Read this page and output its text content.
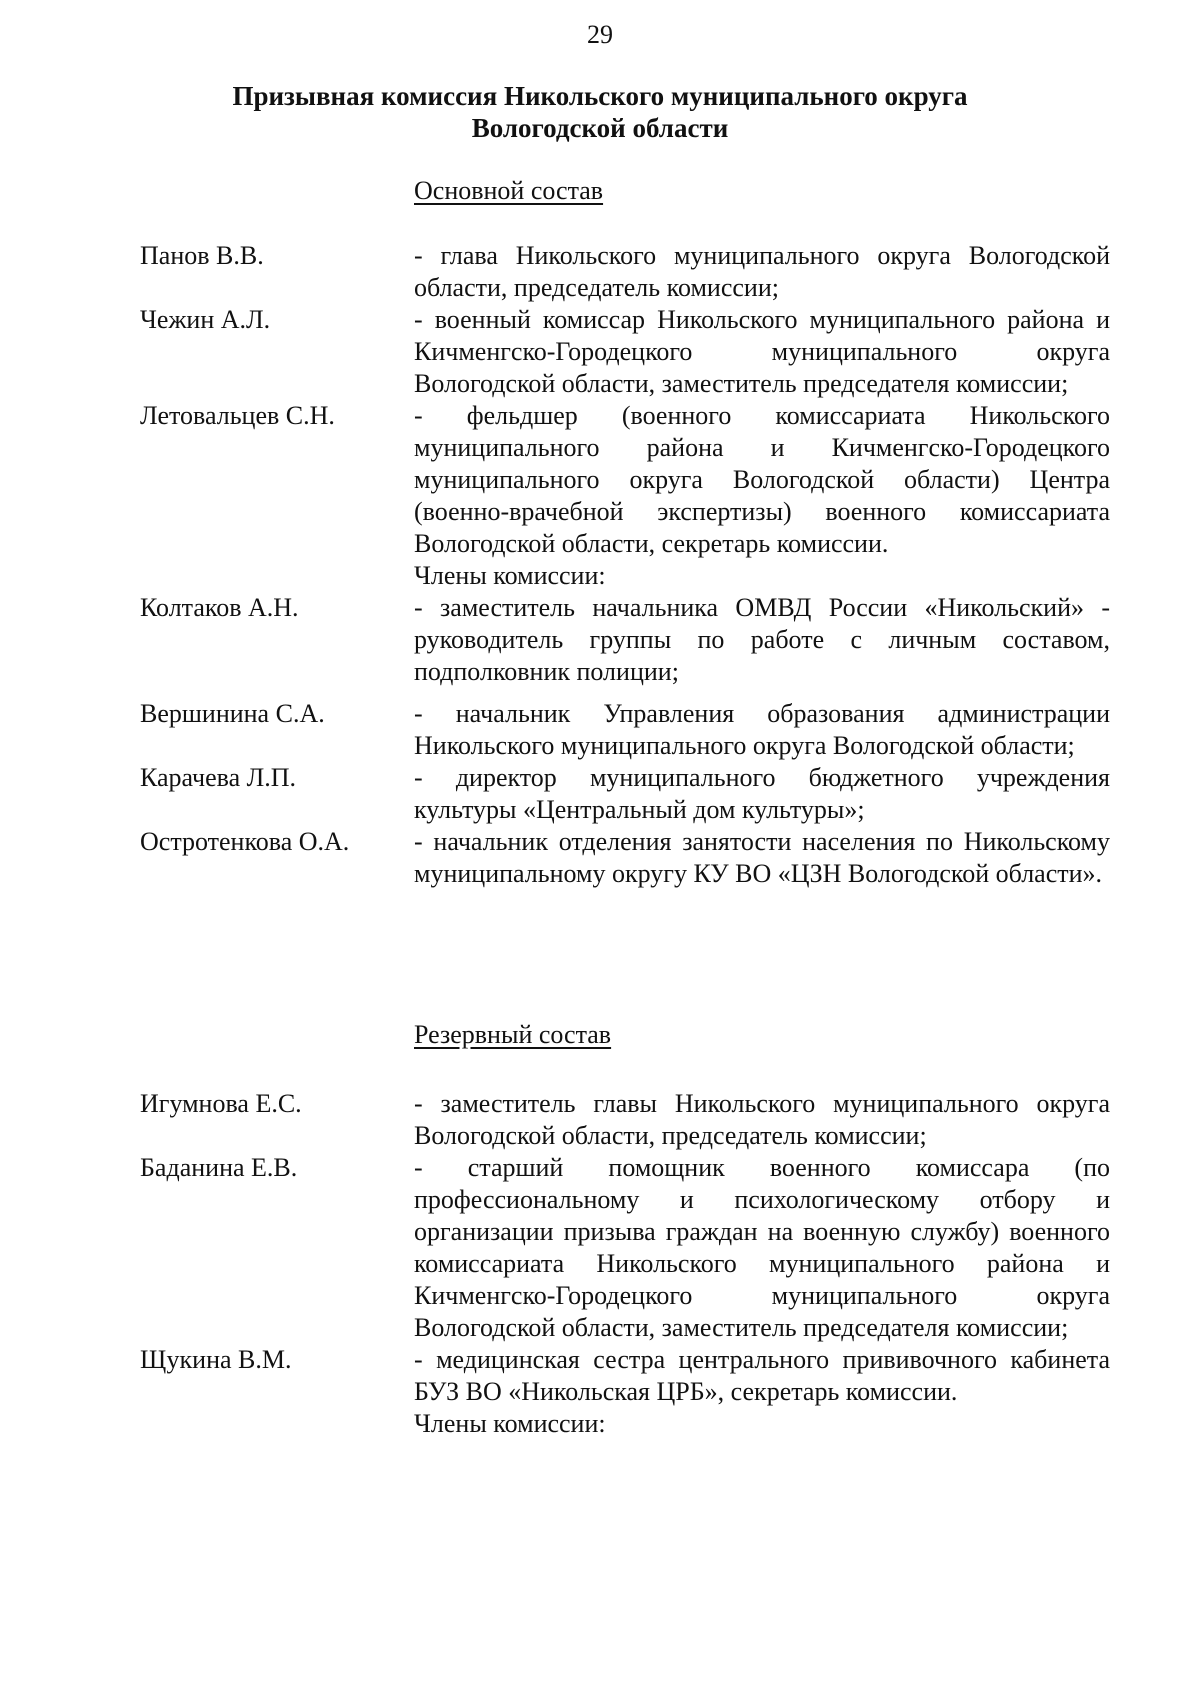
29
Призывная комиссия Никольского муниципального округа
Вологодской области
Основной состав
Панов В.В.	- глава Никольского муниципального округа Вологодской области, председатель комиссии;
Чежин А.Л.	- военный комиссар Никольского муниципального района и Кичменгско-Городецкого муниципального округа Вологодской области, заместитель председателя комиссии;
Летовальцев С.Н.	- фельдшер (военного комиссариата Никольского муниципального района и Кичменгско-Городецкого муниципального округа Вологодской области) Центра (военно-врачебной экспертизы) военного комиссариата Вологодской области, секретарь комиссии.
Члены комиссии:
Колтаков А.Н.	- заместитель начальника ОМВД России «Никольский» - руководитель группы по работе с личным составом, подполковник полиции;
Вершинина С.А.	- начальник Управления образования администрации Никольского муниципального округа Вологодской области;
Карачева Л.П.	- директор муниципального бюджетного учреждения культуры «Центральный дом культуры»;
Остротенкова О.А.	- начальник отделения занятости населения по Никольскому муниципальному округу КУ ВО «ЦЗН Вологодской области».
Резервный состав
Игумнова Е.С.	- заместитель главы Никольского муниципального округа Вологодской области, председатель комиссии;
Баданина Е.В.	- старший помощник военного комиссара (по профессиональному и психологическому отбору и организации призыва граждан на военную службу) военного комиссариата Никольского муниципального района и Кичменгско-Городецкого муниципального округа Вологодской области, заместитель председателя комиссии;
Щукина В.М.	- медицинская сестра центрального прививочного кабинета БУЗ ВО «Никольская ЦРБ», секретарь комиссии.
Члены комиссии:
